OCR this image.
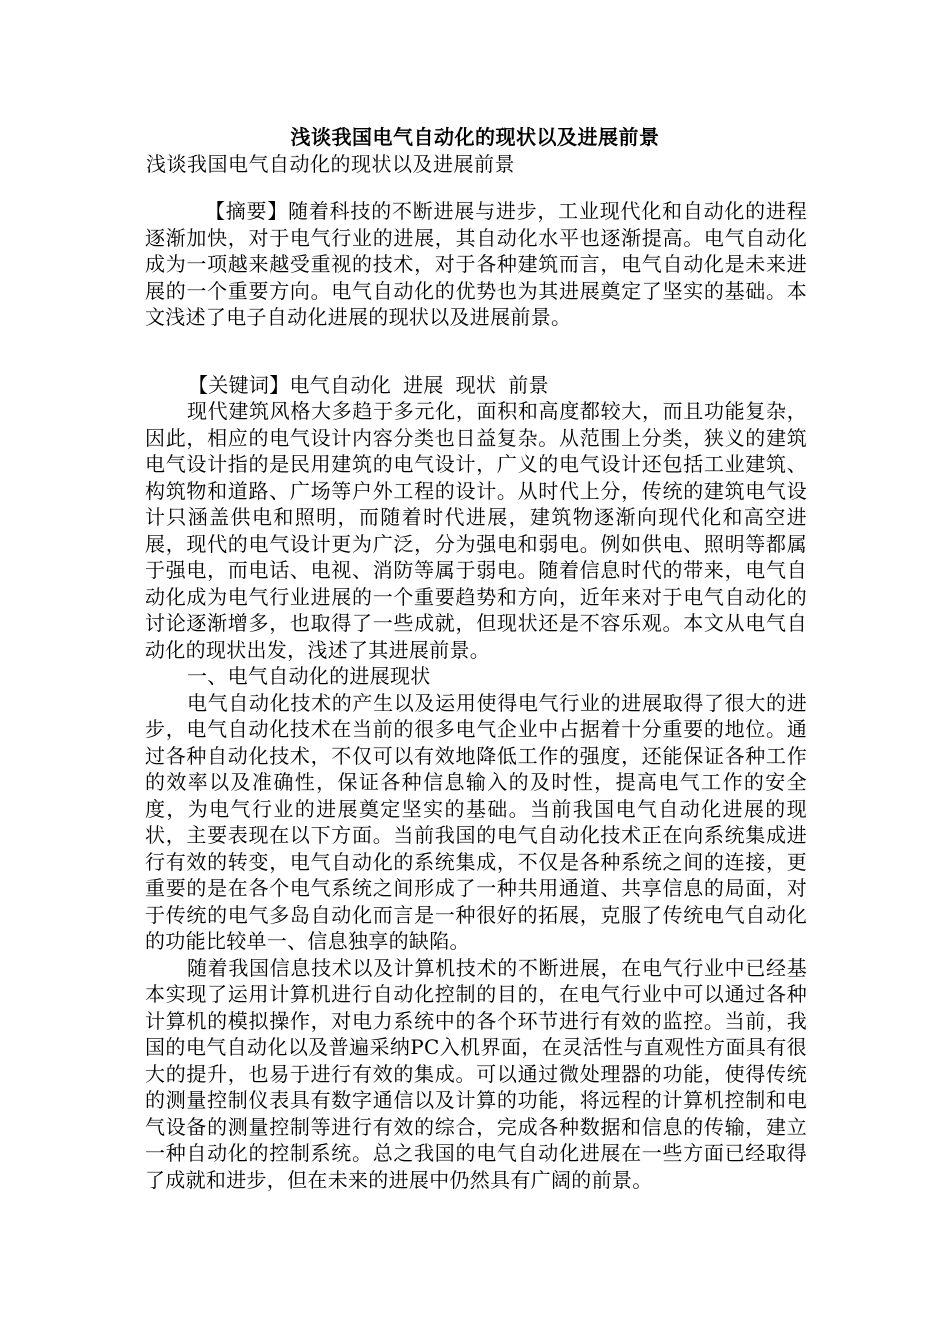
浅谈我国电气自动化的现状以及进展前景
浅谈我国电气自动化的现状以及进展前景
【摘要】随着科技的不断进展与进步，工业现代化和自动化的进程逐渐加快，对于电气行业的进展，其自动化水平也逐渐提高。电气自动化成为一项越来越受重视的技术，对于各种建筑而言，电气自动化是未来进展的一个重要方向。电气自动化的优势也为其进展奠定了坚实的基础。本文浅述了电子自动化进展的现状以及进展前景。

【关键词】电气自动化 进展 现状 前景

现代建筑风格大多趋于多元化，面积和高度都较大，而且功能复杂，因此，相应的电气设计内容分类也日益复杂。从范围上分类，狭义的建筑电气设计指的是民用建筑的电气设计，广义的电气设计还包括工业建筑、构筑物和道路、广场等户外工程的设计。从时代上分，传统的建筑电气设计只涵盖供电和照明，而随着时代进展，建筑物逐渐向现代化和高空进展，现代的电气设计更为广泛，分为强电和弱电。例如供电、照明等都属于强电，而电话、电视、消防等属于弱电。随着信息时代的带来，电气自动化成为电气行业进展的一个重要趋势和方向，近年来对于电气自动化的讨论逐渐增多，也取得了一些成就，但现状还是不容乐观。本文从电气自动化的现状出发，浅述了其进展前景。

一、电气自动化的进展现状

电气自动化技术的产生以及运用使得电气行业的进展取得了很大的进步，电气自动化技术在当前的很多电气企业中占据着十分重要的地位。通过各种自动化技术，不仅可以有效地降低工作的强度，还能保证各种工作的效率以及准确性，保证各种信息输入的及时性，提高电气工作的安全度，为电气行业的进展奠定坚实的基础。当前我国电气自动化进展的现状，主要表现在以下方面。当前我国的电气自动化技术正在向系统集成进行有效的转变，电气自动化的系统集成，不仅是各种系统之间的连接，更重要的是在各个电气系统之间形成了一种共用通道、共享信息的局面，对于传统的电气多岛自动化而言是一种很好的拓展，克服了传统电气自动化的功能比较单一、信息独享的缺陷。

随着我国信息技术以及计算机技术的不断进展，在电气行业中已经基本实现了运用计算机进行自动化控制的目的，在电气行业中可以通过各种计算机的模拟操作，对电力系统中的各个环节进行有效的监控。当前，我国的电气自动化以及普遍采纳PC入机界面，在灵活性与直观性方面具有很大的提升，也易于进行有效的集成。可以通过微处理器的功能，使得传统的测量控制仪表具有数字通信以及计算的功能，将远程的计算机控制和电气设备的测量控制等进行有效的综合，完成各种数据和信息的传输，建立一种自动化的控制系统。总之我国的电气自动化进展在一些方面已经取得了成就和进步，但在未来的进展中仍然具有广阔的前景。
